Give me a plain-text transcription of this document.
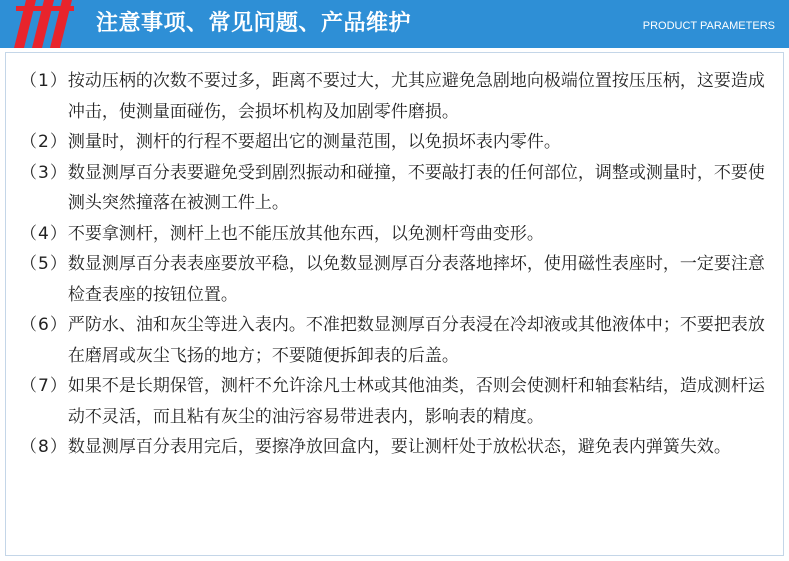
注意事项、常见问题、产品维护	PRODUCT PARAMETERS
（1） 按动压柄的次数不要过多，距离不要过大，尤其应避免急剧地向极端位置按压压柄，这要造成冲击，使测量面碰伤，会损坏机构及加剧零件磨损。
（2） 测量时，测杆的行程不要超出它的测量范围，以免损坏表内零件。
（3） 数显测厚百分表要避免受到剧烈振动和碰撞，不要敲打表的任何部位，调整或测量时，不要使测头突然撞落在被测工件上。
（4） 不要拿测杆，测杆上也不能压放其他东西，以免测杆弯曲变形。
（5） 数显测厚百分表表座要放平稳，以免数显测厚百分表落地摔坏，使用磁性表座时，一定要注意检查表座的按钮位置。
（6） 严防水、油和灰尘等进入表内。不准把数显测厚百分表浸在冷却液或其他液体中；不要把表放在磨屑或灰尘飞扬的地方；不要随便拆卸表的后盖。
（7） 如果不是长期保管，测杆不允许涂凡士林或其他油类，否则会使测杆和轴套粘结，造成测杆运动不灵活，而且粘有灰尘的油污容易带进表内，影响表的精度。
（8） 数显测厚百分表用完后，要擦净放回盒内，要让测杆处于放松状态，避免表内弹簧失效。
